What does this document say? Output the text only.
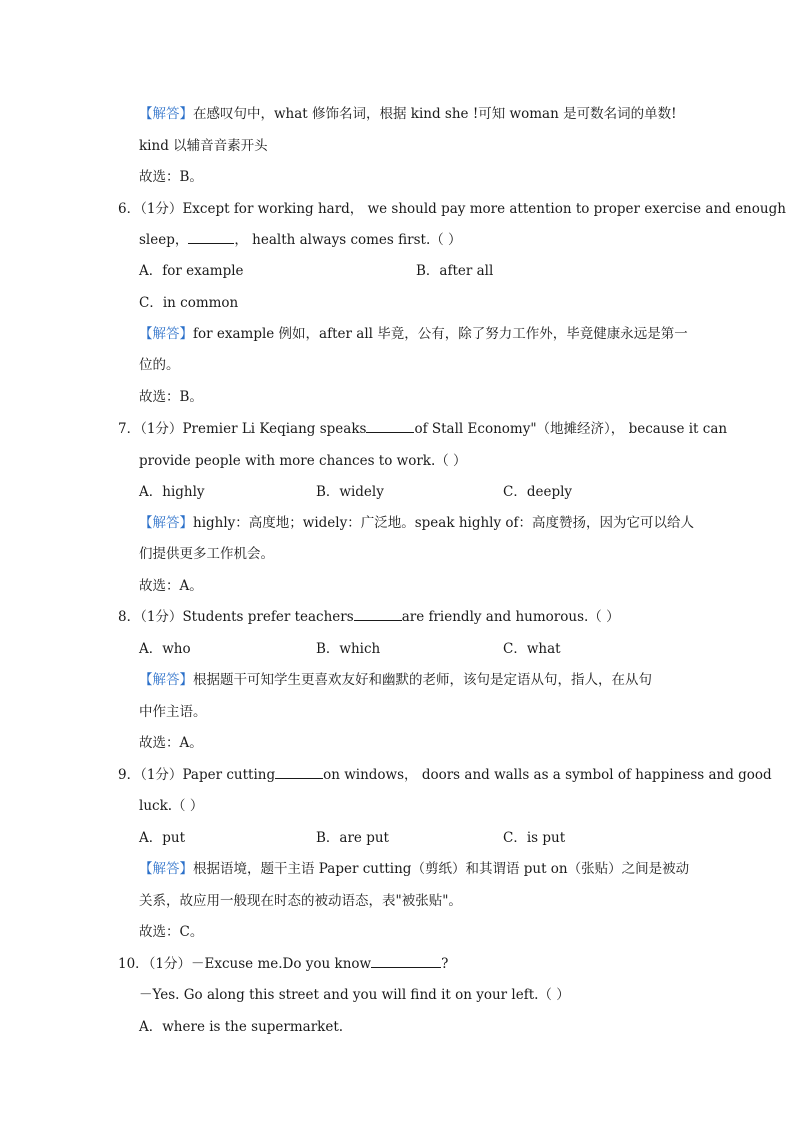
【解答】在感叹句中，what 修饰名词，根据 kind she !可知 woman 是可数名词的单数!
kind 以辅音音素开头
故选：B。
6．（1分）Except for working hard， we should pay more attention to proper exercise and enough
sleep，	， health always comes first.（ ）
A．for example	B．after all
C．in common
【解答】for example 例如，after all 毕竟，公有，除了努力工作外，毕竟健康永远是第一
位的。
故选：B。
7．（1分）Premier Li Keqiang speaks	of Stall Economy"（地摊经济）， because it can
provide people with more chances to work.（ ）
A．highly	B．widely	C．deeply
【解答】highly：高度地；widely：广泛地。speak highly of：高度赞扬，因为它可以给人
们提供更多工作机会。
故选：A。
8．（1分）Students prefer teachers	are friendly and humorous.（ ）
A．who	B．which	C．what
【解答】根据题干可知学生更喜欢友好和幽默的老师，该句是定语从句，指人，在从句
中作主语。
故选：A。
9．（1分）Paper cutting	on windows， doors and walls as a symbol of happiness and good
luck.（ ）
A．put	B．are put	C．is put
【解答】根据语境，题干主语 Paper cutting（剪纸）和其谓语 put on（张贴）之间是被动
关系，故应用一般现在时态的被动语态，表"被张贴"。
故选：C。
10．（1分）－Excuse me.Do you know	?
－Yes. Go along this street and you will find it on your left.（ ）
A．where is the supermarket.
